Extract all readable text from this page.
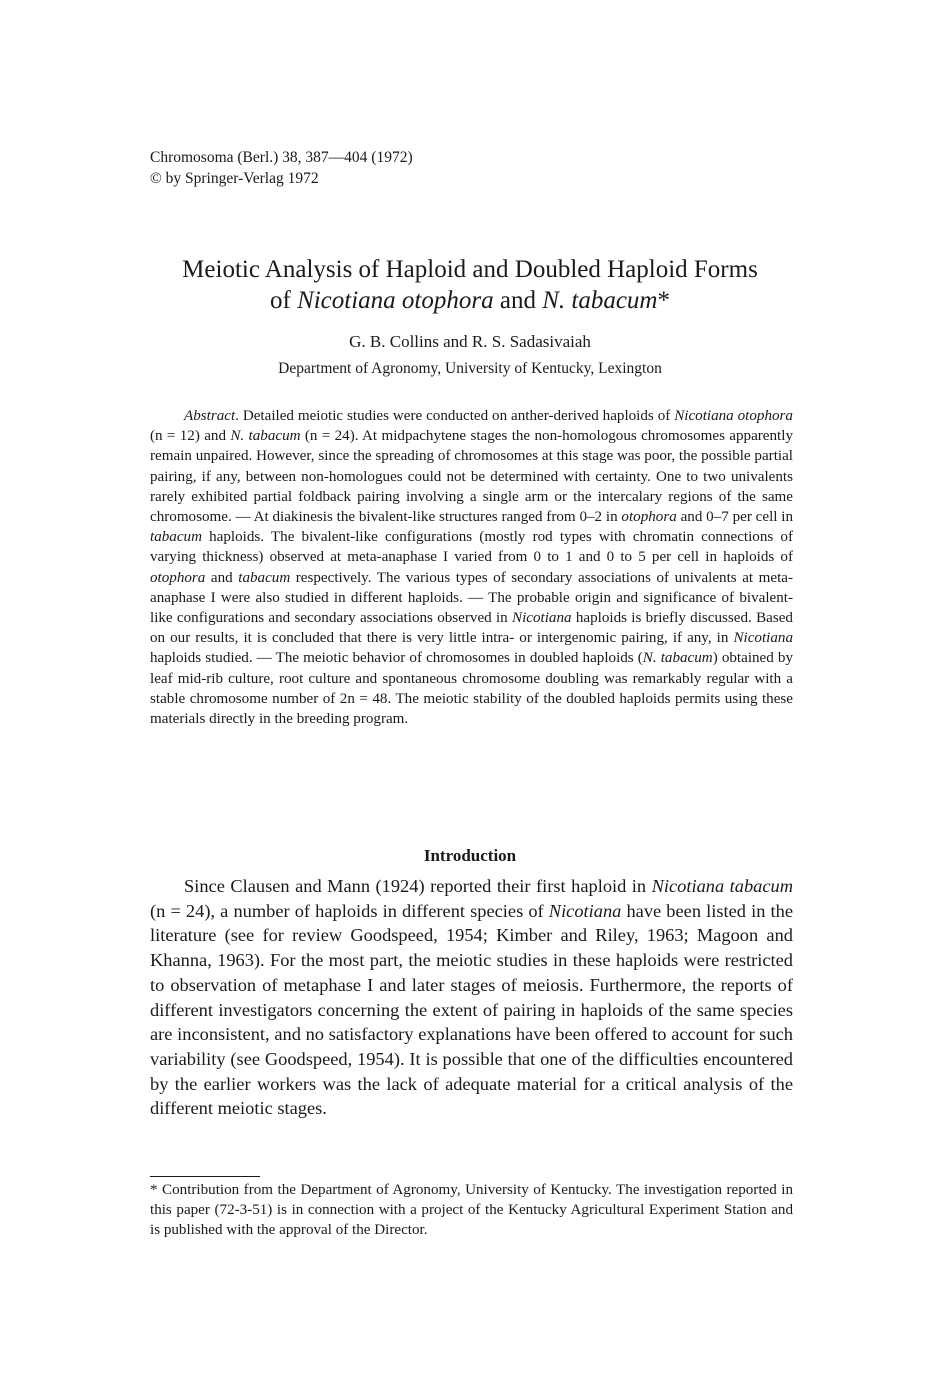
Chromosoma (Berl.) 38, 387—404 (1972)
© by Springer-Verlag 1972
Meiotic Analysis of Haploid and Doubled Haploid Forms
of Nicotiana otophora and N. tabacum*
G. B. Collins and R. S. Sadasivaiah
Department of Agronomy, University of Kentucky, Lexington

Abstract. Detailed meiotic studies were conducted on anther-derived haploids of Nicotiana otophora (n = 12) and N. tabacum (n = 24). At midpachytene stages the non-homologous chromosomes apparently remain unpaired. However, since the spreading of chromosomes at this stage was poor, the possible partial pairing, if any, between non-homologues could not be determined with certainty. One to two univalents rarely exhibited partial foldback pairing involving a single arm or the intercalary regions of the same chromosome. — At diakinesis the bivalent-like structures ranged from 0–2 in otophora and 0–7 per cell in tabacum haploids. The bivalent-like configurations (mostly rod types with chromatin connections of varying thickness) observed at meta-anaphase I varied from 0 to 1 and 0 to 5 per cell in haploids of otophora and tabacum respectively. The various types of secondary associations of univalents at meta-anaphase I were also studied in different haploids. — The probable origin and significance of bivalent-like configurations and secondary associations observed in Nicotiana haploids is briefly discussed. Based on our results, it is concluded that there is very little intra- or intergenomic pairing, if any, in Nicotiana haploids studied. — The meiotic behavior of chromosomes in doubled haploids (N. tabacum) obtained by leaf mid-rib culture, root culture and spontaneous chromosome doubling was remarkably regular with a stable chromosome number of 2n = 48. The meiotic stability of the doubled haploids permits using these materials directly in the breeding program.

Introduction

Since Clausen and Mann (1924) reported their first haploid in Nicotiana tabacum (n = 24), a number of haploids in different species of Nicotiana have been listed in the literature (see for review Goodspeed, 1954; Kimber and Riley, 1963; Magoon and Khanna, 1963). For the most part, the meiotic studies in these haploids were restricted to observation of metaphase I and later stages of meiosis. Furthermore, the reports of different investigators concerning the extent of pairing in haploids of the same species are inconsistent, and no satisfactory explanations have been offered to account for such variability (see Goodspeed, 1954). It is possible that one of the difficulties encountered by the earlier workers was the lack of adequate material for a critical analysis of the different meiotic stages.

* Contribution from the Department of Agronomy, University of Kentucky. The investigation reported in this paper (72-3-51) is in connection with a project of the Kentucky Agricultural Experiment Station and is published with the approval of the Director.
